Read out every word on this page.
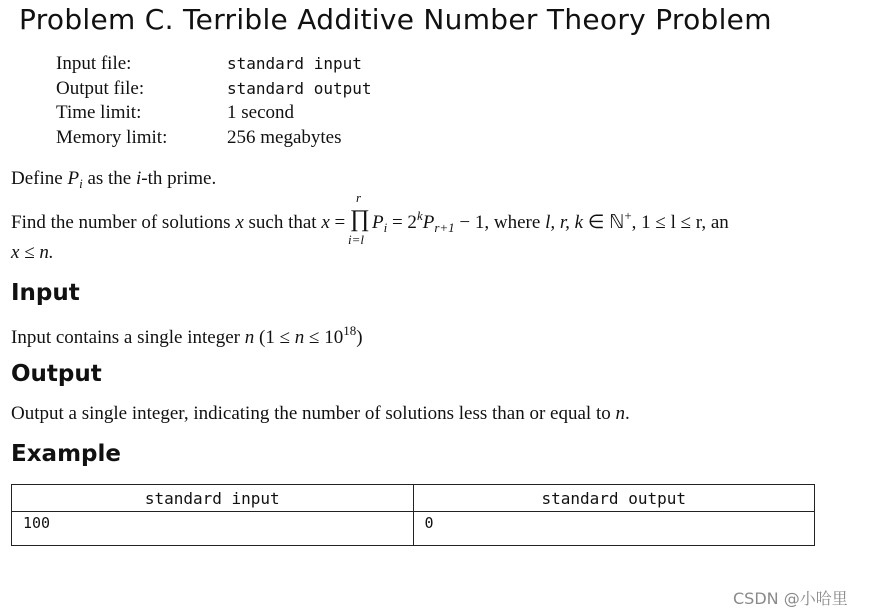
Problem C. Terrible Additive Number Theory Problem
Input file:	standard input
Output file:	standard output
Time limit:	1 second
Memory limit:	256 megabytes
Define $P_i$ as the i-th prime.
Find the number of solutions x such that x = ∏
r
i=l
$P_i = 2^kP_{r+1} - 1$, where l, r, k ∈ ℕ+, 1 ≤ l ≤ r, an
x ≤ n.
Input
Input contains a single integer n $(1 \le n \le 10^{18})$
Output
Output a single integer, indicating the number of solutions less than or equal to n.
Example
standard input	standard output
100	0
CSDN @小哈里
